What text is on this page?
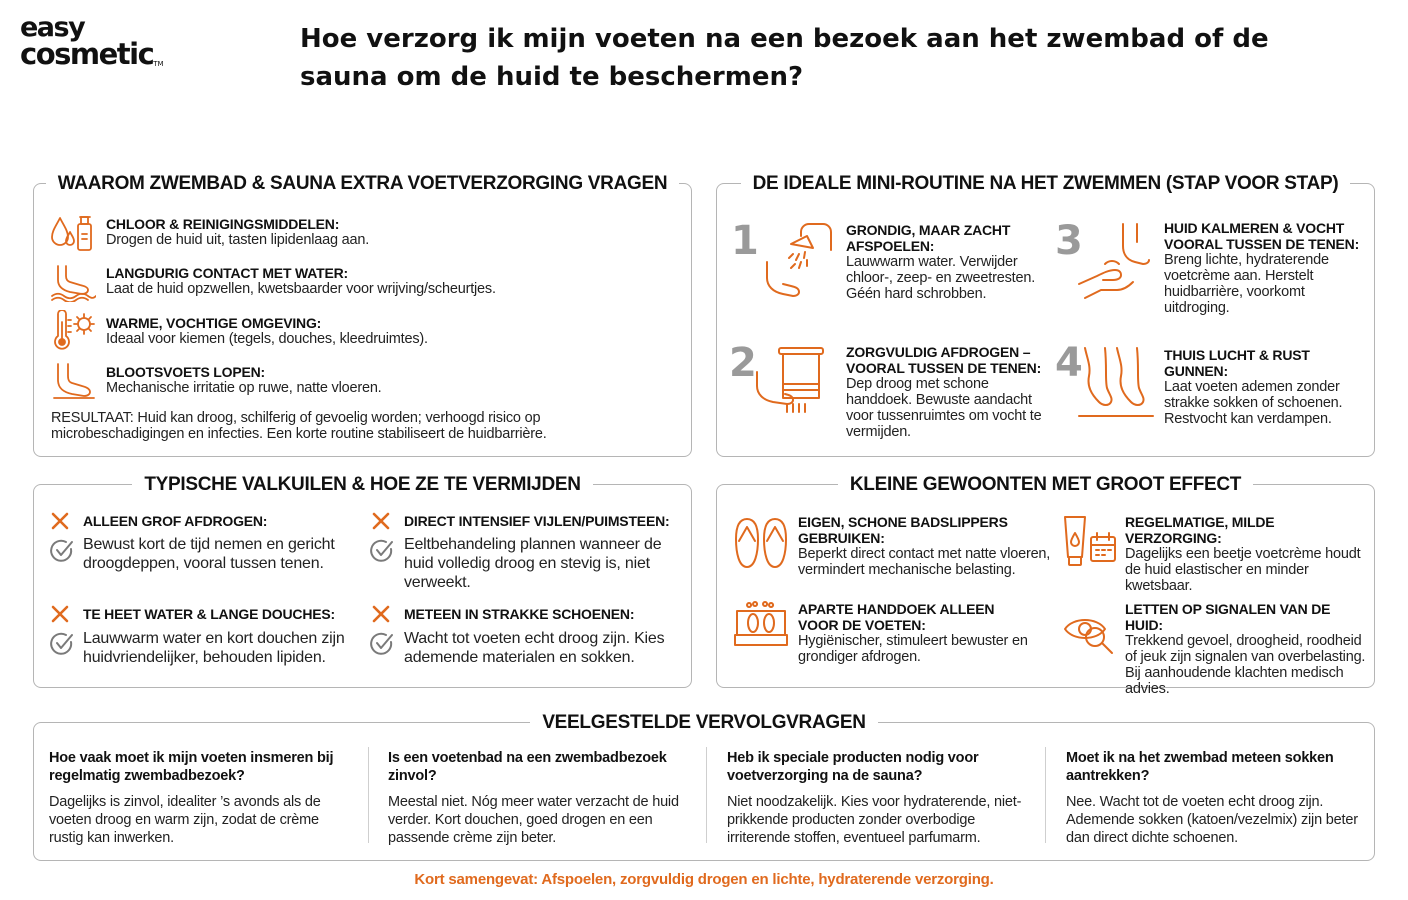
easy
cosmetic™
Hoe verzorg ik mijn voeten na een bezoek aan het zwembad of de sauna om de huid te beschermen?
WAAROM ZWEMBAD & SAUNA EXTRA VOETVERZORGING VRAGEN
CHLOOR & REINIGINGSMIDDELEN:
Drogen de huid uit, tasten lipidenlaag aan.
LANGDURIG CONTACT MET WATER:
Laat de huid opzwellen, kwetsbaarder voor wrijving/scheurtjes.
WARME, VOCHTIGE OMGEVING:
Ideaal voor kiemen (tegels, douches, kleedruimtes).
BLOOTSVOETS LOPEN:
Mechanische irritatie op ruwe, natte vloeren.
RESULTAAT: Huid kan droog, schilferig of gevoelig worden; verhoogd risico op microbeschadigingen en infecties. Een korte routine stabiliseert de huidbarrière.
DE IDEALE MINI-ROUTINE NA HET ZWEMMEN (STAP VOOR STAP)
1	GRONDIG, MAAR ZACHT AFSPOELEN:
Lauwwarm water. Verwijder chloor-, zeep- en zweetresten. Géén hard schrobben.
3	HUID KALMEREN & VOCHT VOORAL TUSSEN DE TENEN:
Breng lichte, hydraterende voetcrème aan. Herstelt huidbarrière, voorkomt uitdroging.
2	ZORGVULDIG AFDROGEN – VOORAL TUSSEN DE TENEN:
Dep droog met schone handdoek. Bewuste aandacht voor tussenruimtes om vocht te vermijden.
4	THUIS LUCHT & RUST GUNNEN:
Laat voeten ademen zonder strakke sokken of schoenen. Restvocht kan verdampen.
TYPISCHE VALKUILEN & HOE ZE TE VERMIJDEN
ALLEEN GROF AFDROGEN:
Bewust kort de tijd nemen en gericht droogdeppen, vooral tussen tenen.
DIRECT INTENSIEF VIJLEN/PUIMSTEEN:
Eeltbehandeling plannen wanneer de huid volledig droog en stevig is, niet verweekt.
TE HEET WATER & LANGE DOUCHES:
Lauwwarm water en kort douchen zijn huidvriendelijker, behouden lipiden.
METEEN IN STRAKKE SCHOENEN:
Wacht tot voeten echt droog zijn. Kies ademende materialen en sokken.
KLEINE GEWOONTEN MET GROOT EFFECT
EIGEN, SCHONE BADSLIPPERS GEBRUIKEN:
Beperkt direct contact met natte vloeren, vermindert mechanische belasting.
REGELMATIGE, MILDE VERZORGING:
Dagelijks een beetje voetcrème houdt de huid elastischer en minder kwetsbaar.
APARTE HANDDOEK ALLEEN VOOR DE VOETEN:
Hygiënischer, stimuleert bewuster en grondiger afdrogen.
LETTEN OP SIGNALEN VAN DE HUID:
Trekkend gevoel, droogheid, roodheid of jeuk zijn signalen van overbelasting. Bij aanhoudende klachten medisch advies.
VEELGESTELDE VERVOLGVRAGEN
Hoe vaak moet ik mijn voeten insmeren bij regelmatig zwembadbezoek?
Dagelijks is zinvol, idealiter ’s avonds als de voeten droog en warm zijn, zodat de crème rustig kan inwerken.
Is een voetenbad na een zwembadbezoek zinvol?
Meestal niet. Nóg meer water verzacht de huid verder. Kort douchen, goed drogen en een passende crème zijn beter.
Heb ik speciale producten nodig voor voetverzorging na de sauna?
Niet noodzakelijk. Kies voor hydraterende, niet-prikkende producten zonder overbodige irriterende stoffen, eventueel parfumarm.
Moet ik na het zwembad meteen sokken aantrekken?
Nee. Wacht tot de voeten echt droog zijn. Ademende sokken (katoen/vezelmix) zijn beter dan direct dichte schoenen.
Kort samengevat: Afspoelen, zorgvuldig drogen en lichte, hydraterende verzorging.
